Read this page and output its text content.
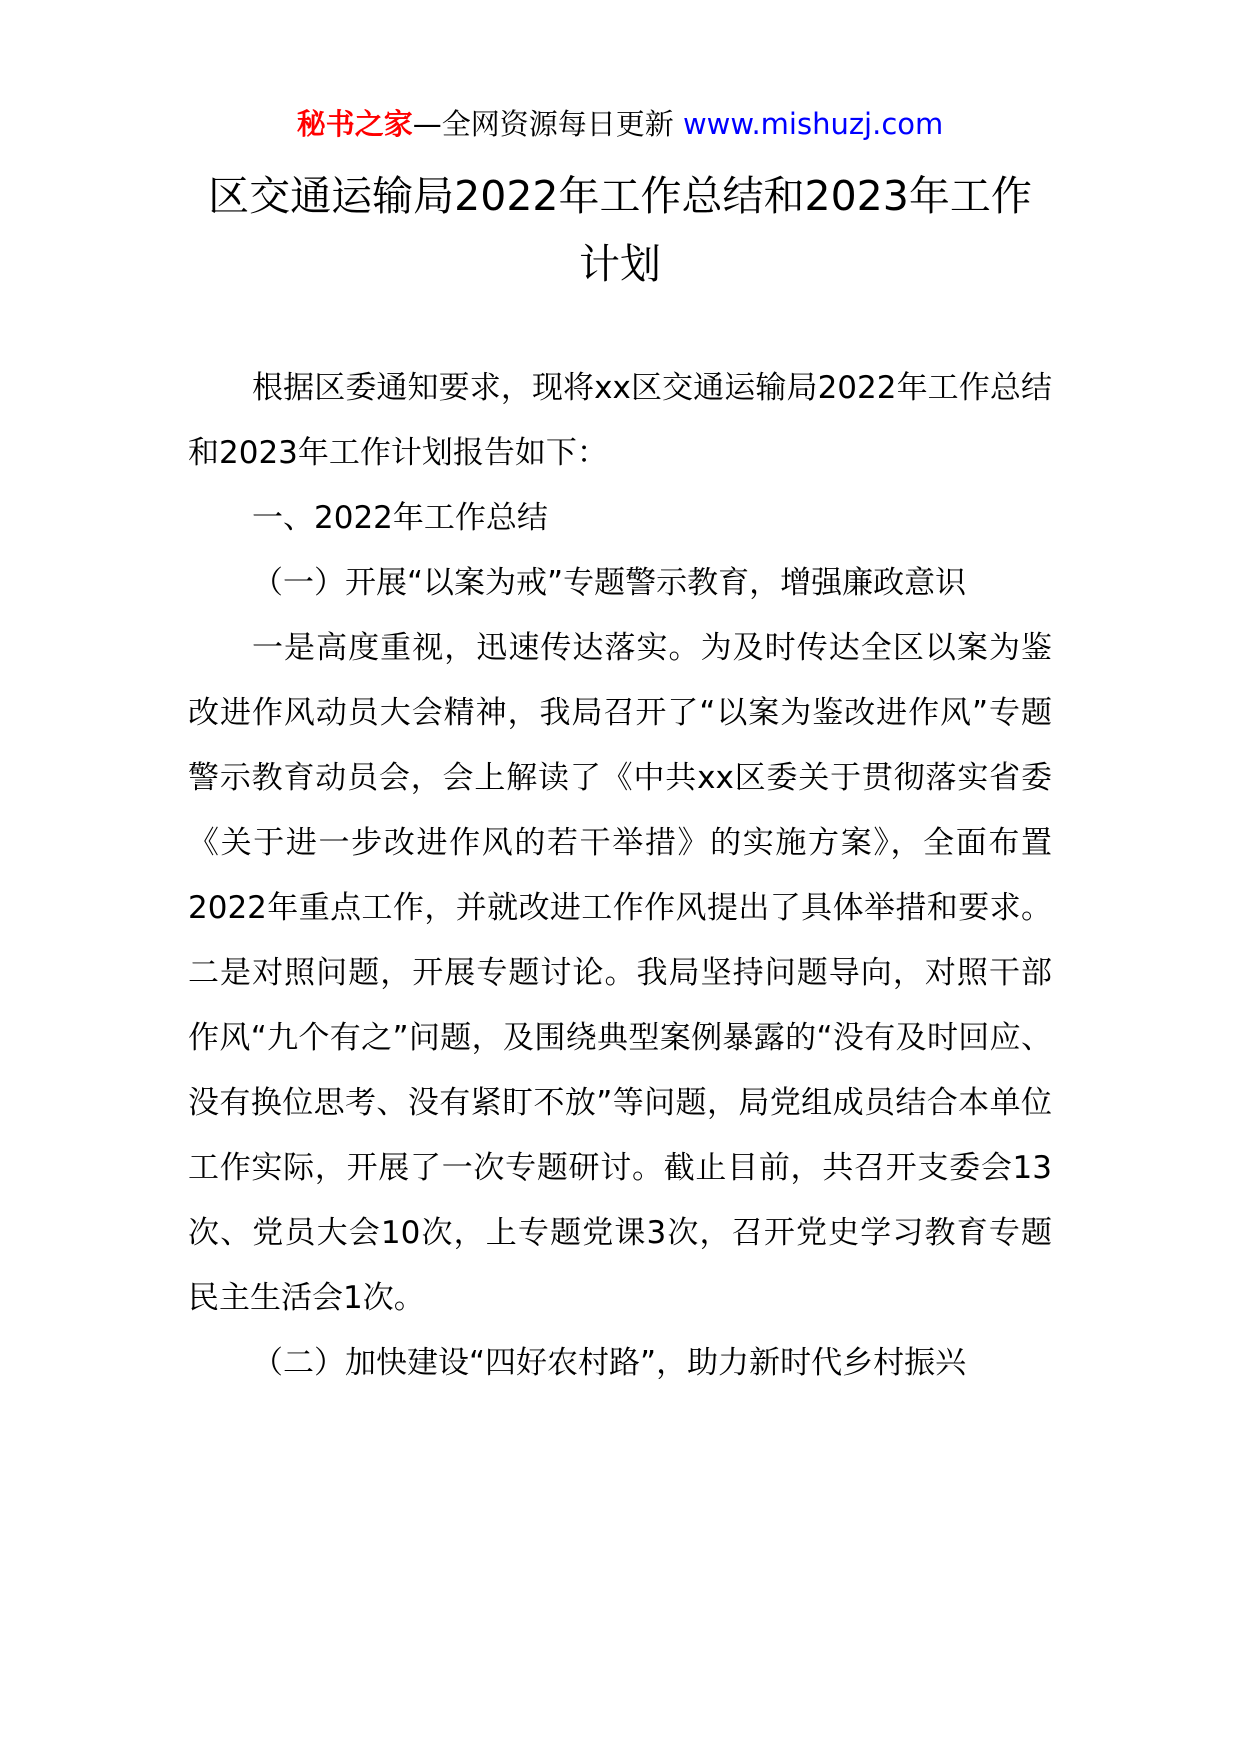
秘书之家—全网资源每日更新 www.mishuzj.com
区交通运输局2022年工作总结和2023年工作计划

根据区委通知要求，现将xx区交通运输局2022年工作总结和2023年工作计划报告如下：

一、2022年工作总结

（一）开展“以案为戒”专题警示教育，增强廉政意识

一是高度重视，迅速传达落实。为及时传达全区以案为鉴改进作风动员大会精神，我局召开了“以案为鉴改进作风”专题警示教育动员会，会上解读了《中共xx区委关于贯彻落实省委《关于进一步改进作风的若干举措》的实施方案》，全面布置2022年重点工作，并就改进工作作风提出了具体举措和要求。二是对照问题，开展专题讨论。我局坚持问题导向，对照干部作风“九个有之”问题，及围绕典型案例暴露的“没有及时回应、没有换位思考、没有紧盯不放”等问题，局党组成员结合本单位工作实际，开展了一次专题研讨。截止目前，共召开支委会13次、党员大会10次，上专题党课3次，召开党史学习教育专题民主生活会1次。

（二）加快建设“四好农村路”，助力新时代乡村振兴
